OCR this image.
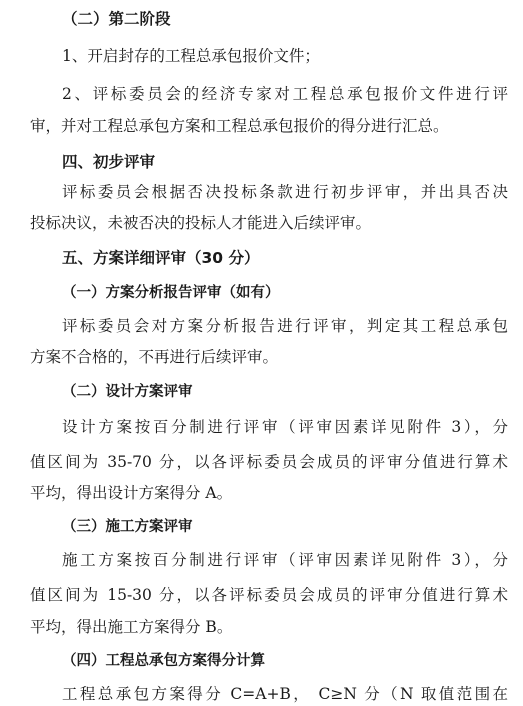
（二）第二阶段
1、开启封存的工程总承包报价文件；
2、评标委员会的经济专家对工程总承包报价文件进行评
审，并对工程总承包方案和工程总承包报价的得分进行汇总。
四、初步评审
评标委员会根据否决投标条款进行初步评审，并出具否决
投标决议，未被否决的投标人才能进入后续评审。
五、方案详细评审（30 分）
（一）方案分析报告评审（如有）
评标委员会对方案分析报告进行评审，判定其工程总承包
方案不合格的，不再进行后续评审。
（二）设计方案评审
设计方案按百分制进行评审（评审因素详见附件 3），分
值区间为 35-70 分，以各评标委员会成员的评审分值进行算术
平均，得出设计方案得分 A。
（三）施工方案评审
施工方案按百分制进行评审（评审因素详见附件 3），分
值区间为 15-30 分，以各评标委员会成员的评审分值进行算术
平均，得出施工方案得分 B。
（四）工程总承包方案得分计算
工程总承包方案得分 C=A+B， C≥N 分（N 取值范围在
